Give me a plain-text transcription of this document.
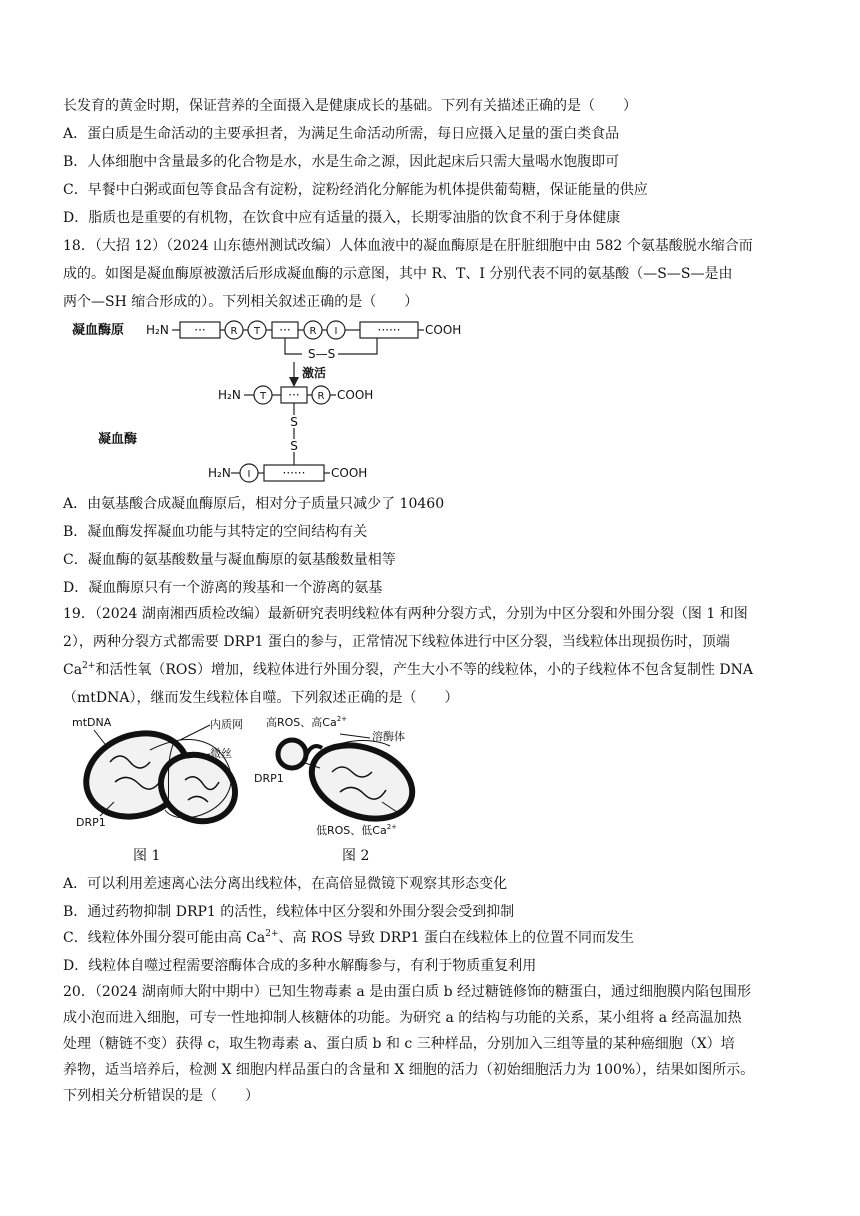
长发育的黄金时期，保证营养的全面摄入是健康成长的基础。下列有关描述正确的是（　　）
A．蛋白质是生命活动的主要承担者，为满足生命活动所需，每日应摄入足量的蛋白类食品
B．人体细胞中含量最多的化合物是水，水是生命之源，因此起床后只需大量喝水饱腹即可
C．早餐中白粥或面包等食品含有淀粉，淀粉经消化分解能为机体提供葡萄糖，保证能量的供应
D．脂质也是重要的有机物，在饮食中应有适量的摄入，长期零油脂的饮食不利于身体健康
18．（大招 12）（2024 山东德州测试改编）人体血液中的凝血酶原是在肝脏细胞中由 582 个氨基酸脱水缩合而
成的。如图是凝血酶原被激活后形成凝血酶的示意图，其中 R、T、I 分别代表不同的氨基酸（—S—S—是由
两个—SH 缩合形成的）。下列相关叙述正确的是（　　）
凝血酶原 H₂N ··· R T ··· R I	······ COOH
S—S
激活
H₂N T ··· R COOH
S
S
凝血酶
H₂N I	······ COOH
A．由氨基酸合成凝血酶原后，相对分子质量只减少了 10460
B．凝血酶发挥凝血功能与其特定的空间结构有关
C．凝血酶的氨基酸数量与凝血酶原的氨基酸数量相等
D．凝血酶原只有一个游离的羧基和一个游离的氨基
19．（2024 湖南湘西质检改编）最新研究表明线粒体有两种分裂方式，分别为中区分裂和外围分裂（图 1 和图
2），两种分裂方式都需要 DRP1 蛋白的参与，正常情况下线粒体进行中区分裂，当线粒体出现损伤时，顶端
$Ca^{2+}$和活性氧（ROS）增加，线粒体进行外围分裂，产生大小不等的线粒体，小的子线粒体不包含复制性 DNA
（mtDNA），继而发生线粒体自噬。下列叙述正确的是（　　）
mtDNA	内质网
微丝
DRP1
高ROS、高$Ca^{2+}$
溶酶体
DRP1
低ROS、低$Ca^{2+}$
图 1	图 2
A．可以利用差速离心法分离出线粒体，在高倍显微镜下观察其形态变化
B．通过药物抑制 DRP1 的活性，线粒体中区分裂和外围分裂会受到抑制
C．线粒体外围分裂可能由高 $Ca^{2+}$、高 ROS 导致 DRP1 蛋白在线粒体上的位置不同而发生
D．线粒体自噬过程需要溶酶体合成的多种水解酶参与，有利于物质重复利用
20．（2024 湖南师大附中期中）已知生物毒素 a 是由蛋白质 b 经过糖链修饰的糖蛋白，通过细胞膜内陷包围形
成小泡而进入细胞，可专一性地抑制人核糖体的功能。为研究 a 的结构与功能的关系，某小组将 a 经高温加热
处理（糖链不变）获得 c，取生物毒素 a、蛋白质 b 和 c 三种样品，分别加入三组等量的某种癌细胞（X）培
养物，适当培养后，检测 X 细胞内样品蛋白的含量和 X 细胞的活力（初始细胞活力为 100%），结果如图所示。
下列相关分析错误的是（　　）
